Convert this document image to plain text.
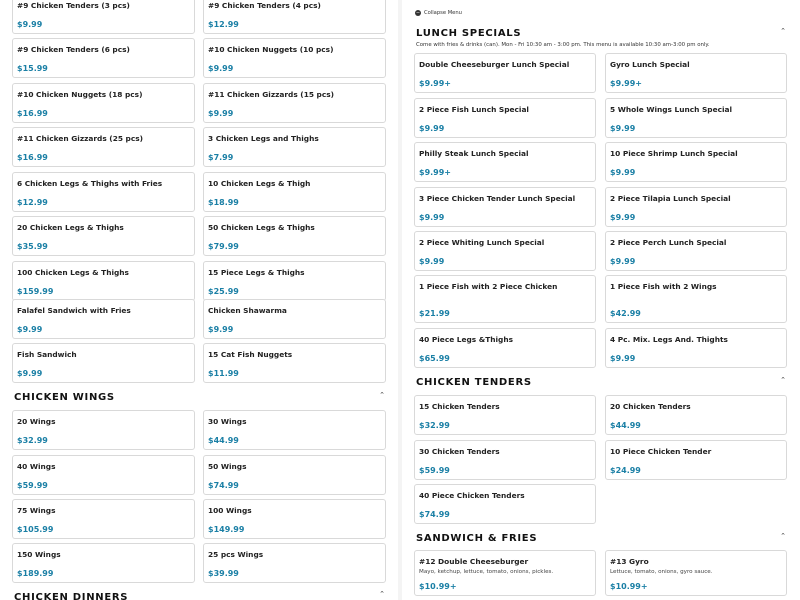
#9 Chicken Tenders (3 pcs)
$9.99
#9 Chicken Tenders (4 pcs)
$12.99
#9 Chicken Tenders (6 pcs)
$15.99
#10 Chicken Nuggets (10 pcs)
$9.99
#10 Chicken Nuggets (18 pcs)
$16.99
#11 Chicken Gizzards (15 pcs)
$9.99
#11 Chicken Gizzards (25 pcs)
$16.99
3 Chicken Legs and Thighs
$7.99
6 Chicken Legs & Thighs with Fries
$12.99
10 Chicken Legs & Thigh
$18.99
20 Chicken Legs & Thighs
$35.99
50 Chicken Legs & Thighs
$79.99
100 Chicken Legs & Thighs
$159.99
15 Piece Legs & Thighs
$25.99
Falafel Sandwich with Fries
$9.99
Chicken Shawarma
$9.99
Fish Sandwich
$9.99
15 Cat Fish Nuggets
$11.99
CHICKEN WINGS	⌃
20 Wings
$32.99
30 Wings
$44.99
40 Wings
$59.99
50 Wings
$74.99
75 Wings
$105.99
100 Wings
$149.99
150 Wings
$189.99
25 pcs Wings
$39.99
CHICKEN DINNERS	⌃
− Collapse Menu
LUNCH SPECIALS	⌃
Come with fries & drinks (can). Mon - Fri 10:30 am - 3:00 pm. This menu is available 10:30 am-3:00 pm only.
Double Cheeseburger Lunch Special
$9.99+
Gyro Lunch Special
$9.99+
2 Piece Fish Lunch Special
$9.99
5 Whole Wings Lunch Special
$9.99
Philly Steak Lunch Special
$9.99+
10 Piece Shrimp Lunch Special
$9.99
3 Piece Chicken Tender Lunch Special
$9.99
2 Piece Tilapia Lunch Special
$9.99
2 Piece Whiting Lunch Special
$9.99
2 Piece Perch Lunch Special
$9.99
1 Piece Fish with 2 Piece Chicken
$21.99
1 Piece Fish with 2 Wings
$42.99
40 Piece Legs &Thighs
$65.99
4 Pc. Mix. Legs And. Thights
$9.99
CHICKEN TENDERS	⌃
15 Chicken Tenders
$32.99
20 Chicken Tenders
$44.99
30 Chicken Tenders
$59.99
10 Piece Chicken Tender
$24.99
40 Piece Chicken Tenders
$74.99
SANDWICH & FRIES	⌃
#12 Double Cheeseburger
Mayo, ketchup, lettuce, tomato, onions, pickles.
$10.99+
#13 Gyro
Lettuce, tomato, onions, gyro sauce.
$10.99+
